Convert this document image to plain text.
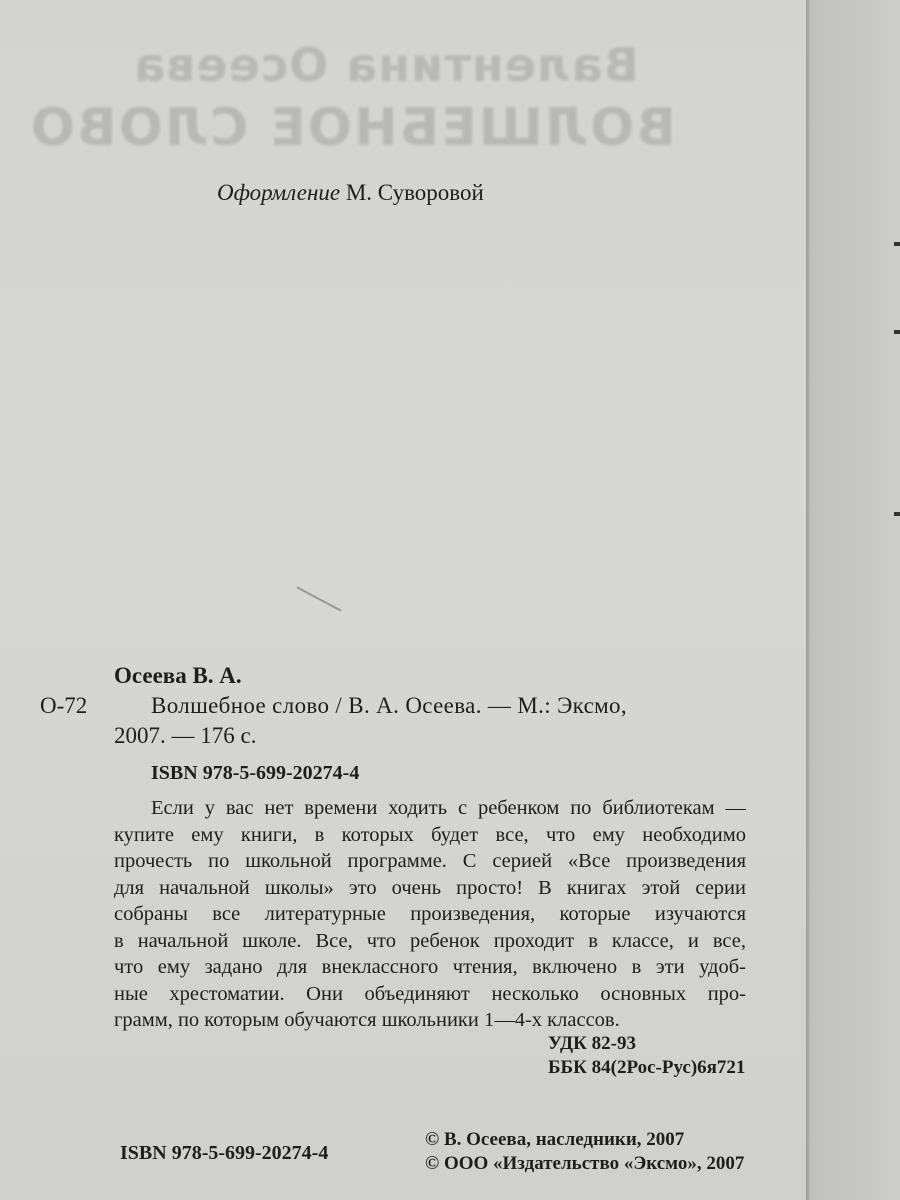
Валентина Осеева
ВОЛШЕБНОЕ СЛОВО
Оформление М. Суворовой
Осеева В. А.
О-72	Волшебное слово / В. А. Осеева. — М.: Эксмо,
2007. — 176 с.
ISBN 978-5-699-20274-4
Если у вас нет времени ходить с ребенком по библиотекам —
купите ему книги, в которых будет все, что ему необходимо
прочесть по школьной программе. С серией «Все произведения
для начальной школы» это очень просто! В книгах этой серии
собраны все литературные произведения, которые изучаются
в начальной школе. Все, что ребенок проходит в классе, и все,
что ему задано для внеклассного чтения, включено в эти удоб-
ные хрестоматии. Они объединяют несколько основных про-
грамм, по которым обучаются школьники 1—4-х классов.
УДК 82-93
ББК 84(2Рос-Рус)6я721
ISBN 978-5-699-20274-4
© В. Осеева, наследники, 2007
© ООО «Издательство «Эксмо», 2007
